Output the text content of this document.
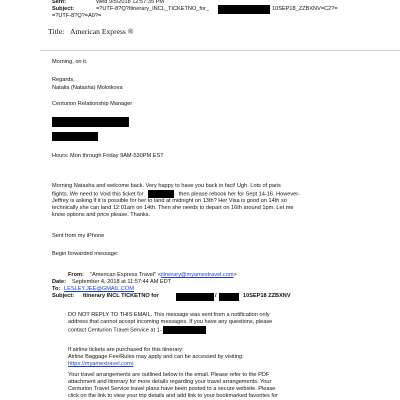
Sent:	Wed 9/5/2018 12:57:35 PM
Subject:	=?UTF-8?Q?Itinerary_INCL_TICKETNO_for_	10SEP18_ZZBXNV=C2?=
=?UTF-8?Q?=A0?=
Title: American Express ®
Morning, on it.
Regards,
Natalia (Natasha) Molotkova
Centurion Relationship Manager
Hours: Mon through Friday 9AM-530PM EST
Morning Natasha and welcome back. Very happy to have you back in fact! Ugh. Lots of paris
flights. We need to Void this ticket for	then please rebook her for Sept 14-16. However-
Jeffrey is asking if it is possible for her to land at midnight on 13th? Her Visa is good on 14th so
technically she can land 12:01am on 14th. Then she needs to depart on 16th around 1pm. Let me
know options and price please. Thanks.
Sent from my iPhone
Begin forwarded message:
From: "American Express Travel" <itinerary@myamextravel.com>
Date: September 4, 2018 at 11:57:44 AM EDT
To: LESLEY.JEE@GMAIL.COM
Subject: Itinerary INCL TICKETNO for	/	10SEP18 ZZBXNV
DO NOT REPLY TO THIS EMAIL. This message was sent from a notification only
address that cannot accept incoming messages. If you have any questions, please
contact Centurion Travel Service at 1-
If airline tickets are purchased for this itinerary:
Airline Baggage Fee/Rules may apply and can be accessed by visiting:
https://myamextravel.com/
Your travel arrangements are outlined below in the email. Please refer to the PDF
attachment and itinerary for more details regarding your travel arrangements. Your
Centurion Travel Service travel plans have been posted to a secure website. Please
click on the link to view your trip details and add link to your bookmarked favorites for
